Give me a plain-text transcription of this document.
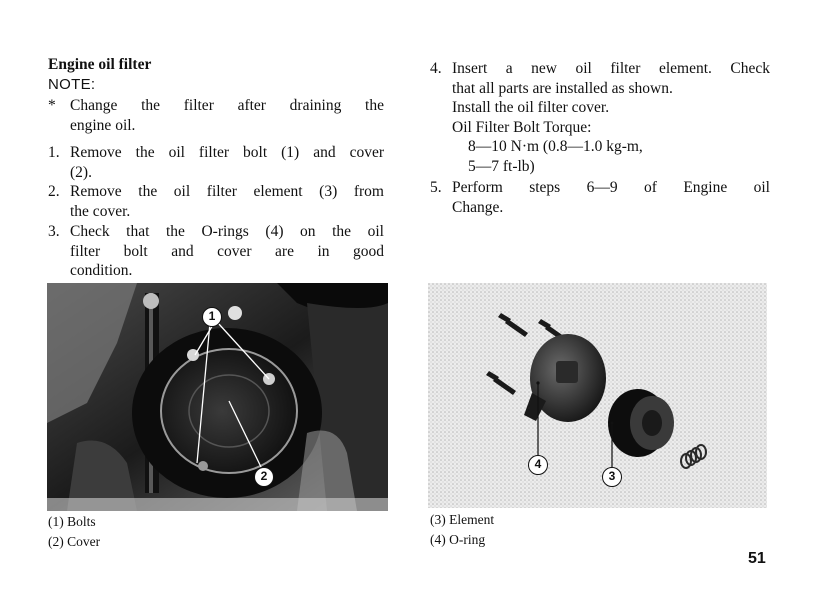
Engine oil filter
NOTE:
* Change the filter after draining the
engine oil.
1. Remove the oil filter bolt (1) and cover
(2).
2. Remove the oil filter element (3) from
the cover.
3. Check that the O-rings (4) on the oil
filter bolt and cover are in good
condition.
4. Insert a new oil filter element. Check
that all parts are installed as shown.
Install the oil filter cover.
Oil Filter Bolt Torque:
8—10 N·m (0.8—1.0 kg-m,
5—7 ft-lb)
5. Perform steps 6—9 of Engine oil
Change.
1
2
4
3
(1) Bolts
(2) Cover
(3) Element
(4) O-ring
51
